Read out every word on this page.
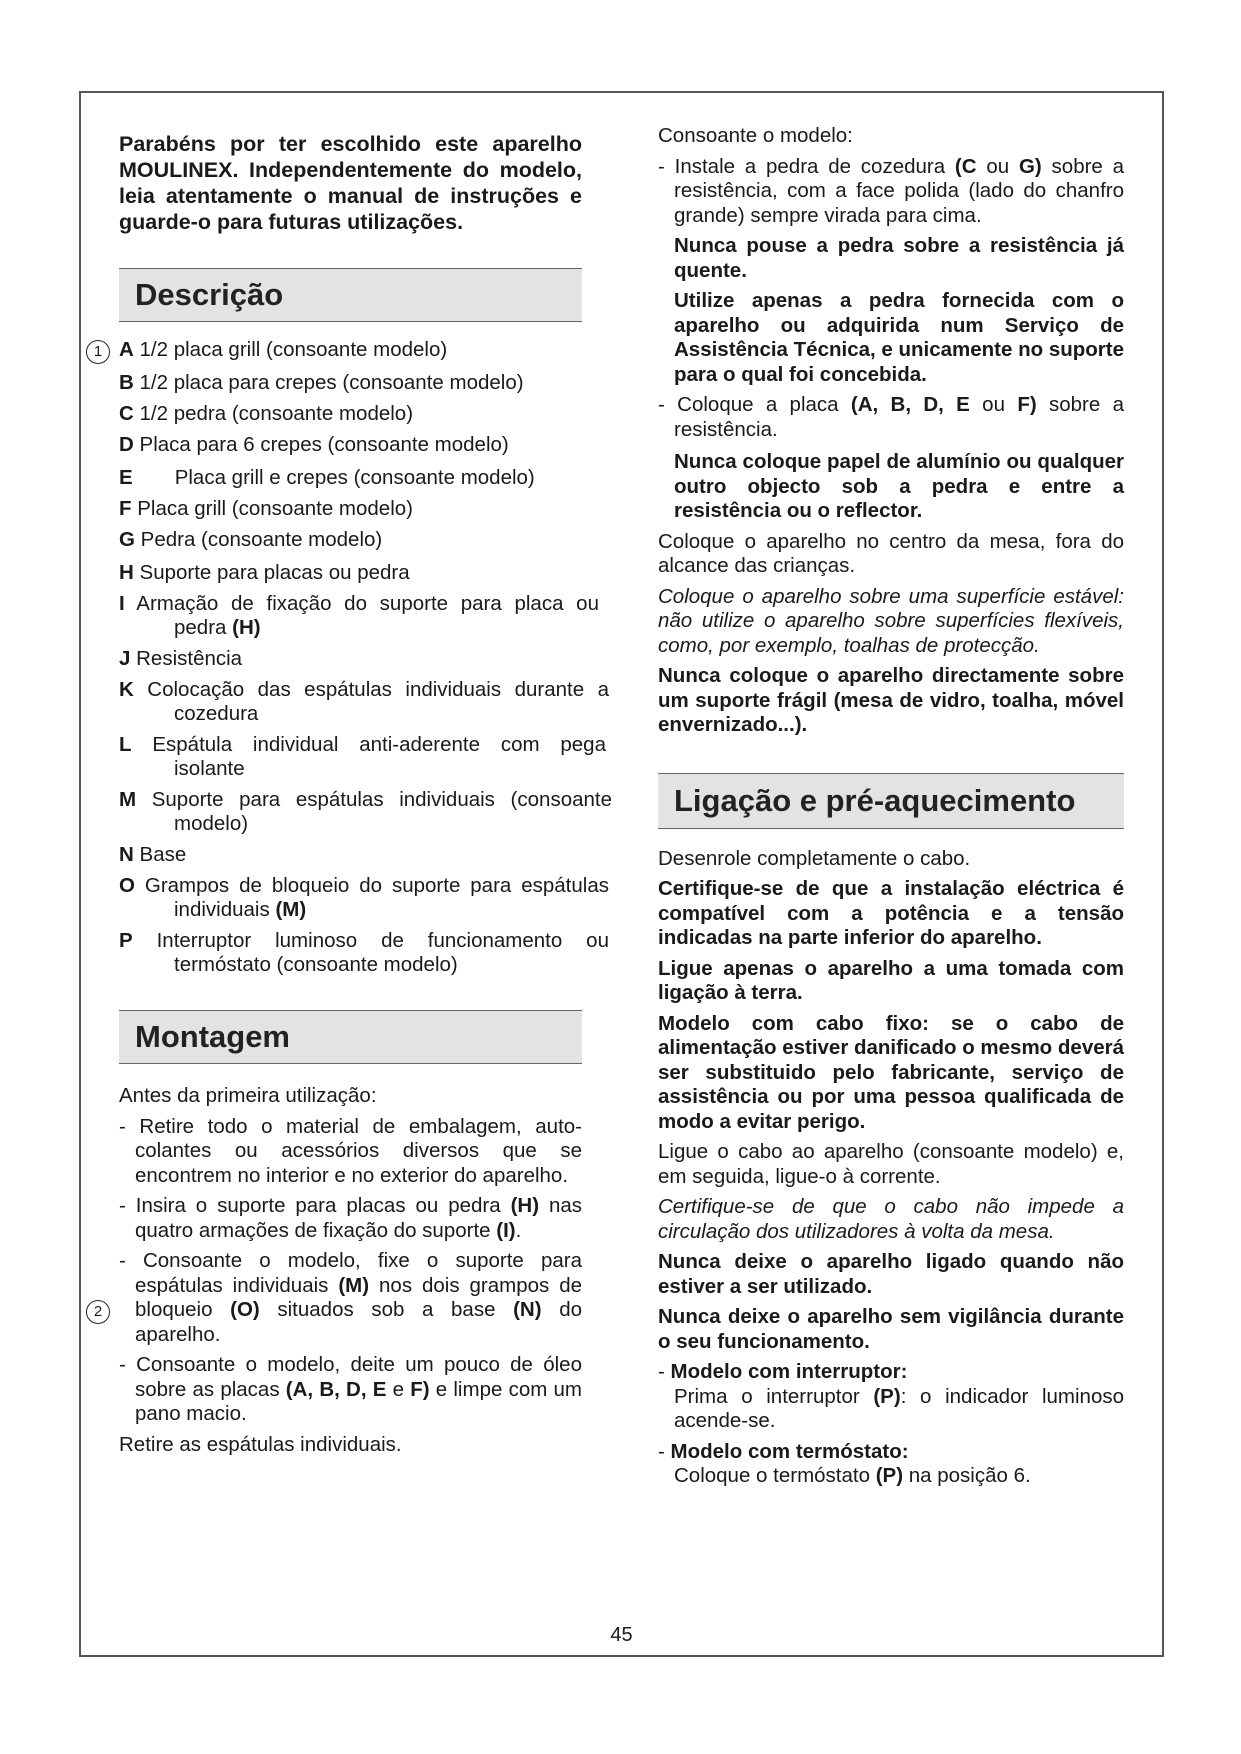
Parabéns por ter escolhido este aparelho MOULINEX. Independentemente do modelo, leia atentamente o manual de instruções e guarde-o para futuras utilizações.

Descrição
1 A 1/2 placa grill (consoante modelo)

B 1/2 placa para crepes (consoante modelo)

C 1/2 pedra (consoante modelo)

D Placa para 6 crepes (consoante modelo)

E Placa grill e crepes (consoante modelo)

F Placa grill (consoante modelo)

G Pedra (consoante modelo)

H Suporte para placas ou pedra

I Armação de fixação do suporte para placa ou pedra (H)

J Resistência

K Colocação das espátulas individuais durante a cozedura

L Espátula individual anti-aderente com pega isolante

M Suporte para espátulas individuais (consoante modelo)

N Base

O Grampos de bloqueio do suporte para espátulas individuais (M)

P Interruptor luminoso de funcionamento ou termóstato (consoante modelo)

Montagem

Antes da primeira utilização:

- Retire todo o material de embalagem, auto-colantes ou acessórios diversos que se encontrem no interior e no exterior do aparelho.

- Insira o suporte para placas ou pedra (H) nas quatro armações de fixação do suporte (I).

- Consoante o modelo, fixe o suporte para espátulas individuais (M) nos dois grampos de bloqueio (O) situados sob a base (N) do aparelho.
2

- Consoante o modelo, deite um pouco de óleo sobre as placas (A, B, D, E e F) e limpe com um pano macio.

Retire as espátulas individuais.

Consoante o modelo:

- Instale a pedra de cozedura (C ou G) sobre a resistência, com a face polida (lado do chanfro grande) sempre virada para cima.

Nunca pouse a pedra sobre a resistência já quente.

Utilize apenas a pedra fornecida com o aparelho ou adquirida num Serviço de Assistência Técnica, e unicamente no suporte para o qual foi concebida.

- Coloque a placa (A, B, D, E ou F) sobre a resistência.

Nunca coloque papel de alumínio ou qualquer outro objecto sob a pedra e entre a resistência ou o reflector.

Coloque o aparelho no centro da mesa, fora do alcance das crianças.

Coloque o aparelho sobre uma superfície estável: não utilize o aparelho sobre superfícies flexíveis, como, por exemplo, toalhas de protecção.

Nunca coloque o aparelho directamente sobre um suporte frágil (mesa de vidro, toalha, móvel envernizado...).

Ligação e pré-aquecimento

Desenrole completamente o cabo.

Certifique-se de que a instalação eléctrica é compatível com a potência e a tensão indicadas na parte inferior do aparelho.

Ligue apenas o aparelho a uma tomada com ligação à terra.

Modelo com cabo fixo: se o cabo de alimentação estiver danificado o mesmo deverá ser substituido pelo fabricante, serviço de assistência ou por uma pessoa qualificada de modo a evitar perigo.

Ligue o cabo ao aparelho (consoante modelo) e, em seguida, ligue-o à corrente.

Certifique-se de que o cabo não impede a circulação dos utilizadores à volta da mesa.

Nunca deixe o aparelho ligado quando não estiver a ser utilizado.

Nunca deixe o aparelho sem vigilância durante o seu funcionamento.

- Modelo com interruptor:

Prima o interruptor (P): o indicador luminoso acende-se.

- Modelo com termóstato:

Coloque o termóstato (P) na posição 6.

45
